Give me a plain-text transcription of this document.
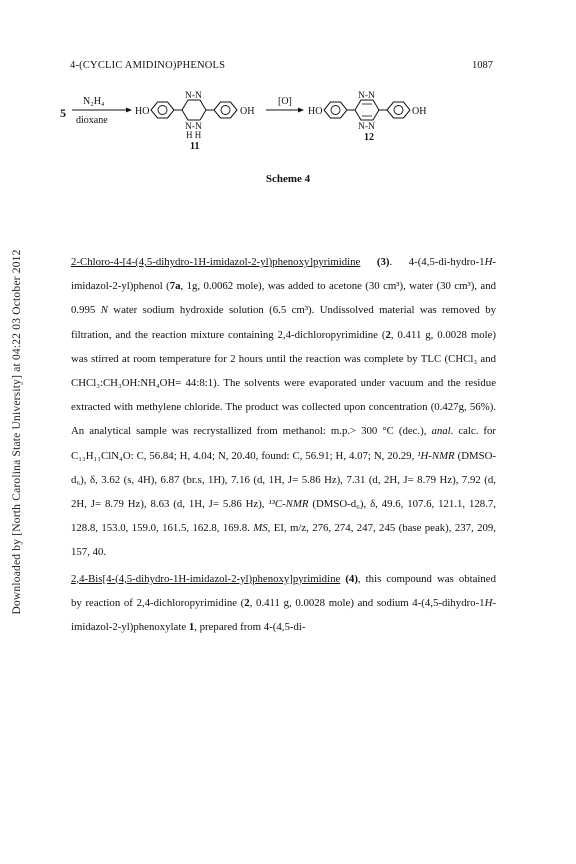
Downloaded by [North Carolina State University] at 04:22 03 October 2012
4-(CYCLIC AMIDINO)PHENOLS	1087
5
N₂H₄
dioxane
HO
N-N
N-N
H H
OH
11
[O]
HO
N-N
N-N
OH
12
Scheme 4

2-Chloro-4-[4-(4,5-dihydro-1H-imidazol-2-yl)phenoxy]pyrimidine (3). 4-(4,5-di-hydro-1H-imidazol-2-yl)phenol (7a, 1g, 0.0062 mole), was added to acetone (30 cm³), water (30 cm³), and 0.995 N water sodium hydroxide solution (6.5 cm³). Undissolved material was removed by filtration, and the reaction mixture containing 2,4-dichloropyrimidine (2, 0.411 g, 0.0028 mole) was stirred at room temperature for 2 hours until the reaction was complete by TLC (CHCl₃ and CHCl₃:CH₃OH:NH₄OH= 44:8:1). The solvents were evaporated under vacuum and the residue extracted with methylene chloride. The product was collected upon concentration (0.427g, 56%). An analytical sample was recrystallized from methanol: m.p.> 300 °C (dec.), anal. calc. for C₁₃H₁₁ClN₄O: C, 56.84; H, 4.04; N, 20.40, found: C, 56.91; H, 4.07; N, 20.29, ¹H-NMR (DMSO-d₆), δ, 3.62 (s, 4H), 6.87 (br.s, 1H), 7.16 (d, 1H, J= 5.86 Hz), 7.31 (d, 2H, J= 8.79 Hz), 7.92 (d, 2H, J= 8.79 Hz), 8.63 (d, 1H, J= 5.86 Hz), ¹³C-NMR (DMSO-d₆), δ, 49.6, 107.6, 121.1, 128.7, 128.8, 153.0, 159.0, 161.5, 162.8, 169.8. MS, EI, m/z, 276, 274, 247, 245 (base peak), 237, 209, 157, 40.

2,4-Bis[4-(4,5-dihydro-1H-imidazol-2-yl)phenoxy]pyrimidine (4), this compound was obtained by reaction of 2,4-dichloropyrimidine (2, 0.411 g, 0.0028 mole) and sodium 4-(4,5-dihydro-1H-imidazol-2-yl)phenoxylate 1, prepared from 4-(4,5-di-
